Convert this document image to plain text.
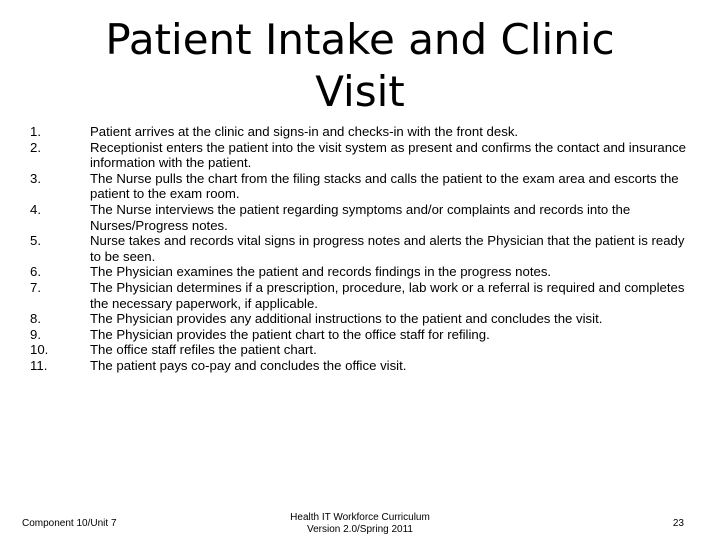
Patient Intake and Clinic
Visit
1.	Patient arrives at the clinic and signs-in and checks-in with the front desk.
2.	Receptionist enters the patient into the visit system as present and confirms the contact and insurance information with the patient.
3.	The Nurse pulls the chart from the filing stacks and calls the patient to the exam area and escorts the patient to the exam room.
4.	The Nurse interviews the patient regarding symptoms and/or complaints and records into the Nurses/Progress notes.
5.	Nurse takes and records vital signs in progress notes and alerts the Physician that the patient is ready to be seen.
6.	The Physician examines the patient and records findings in the progress notes.
7.	The Physician determines if a prescription, procedure, lab work or a referral is required and completes the necessary paperwork, if applicable.
8.	The Physician provides any additional instructions to the patient and concludes the visit.
9.	The Physician provides the patient chart to the office staff for refiling.
10.	The office staff refiles the patient chart.
11.	The patient pays co-pay and concludes the office visit.
Component 10/Unit 7
Health IT Workforce Curriculum
Version 2.0/Spring 2011
23
